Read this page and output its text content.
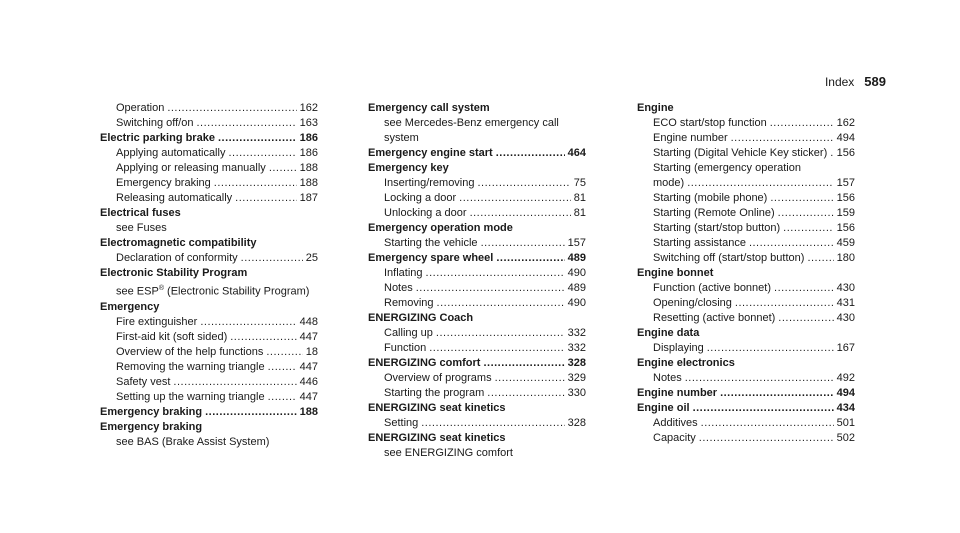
Index 589
Operation .....	162
Switching off/on .....	163
Electric parking brake .....	186
Applying automatically .....	186
Applying or releasing manually .....	188
Emergency braking .....	188
Releasing automatically .....	187
Electrical fuses
see Fuses
Electromagnetic compatibility
Declaration of conformity .....	25
Electronic Stability Program
see ESP® (Electronic Stability Program)
Emergency
Fire extinguisher .....	448
First-aid kit (soft sided) .....	447
Overview of the help functions .....	18
Removing the warning triangle .....	447
Safety vest .....	446
Setting up the warning triangle .....	447
Emergency braking .....	188
Emergency braking
see BAS (Brake Assist System)
Emergency call system
see Mercedes-Benz emergency call system
Emergency engine start .....	464
Emergency key
Inserting/removing .....	75
Locking a door .....	81
Unlocking a door .....	81
Emergency operation mode
Starting the vehicle .....	157
Emergency spare wheel .....	489
Inflating .....	490
Notes .....	489
Removing .....	490
ENERGIZING Coach
Calling up .....	332
Function .....	332
ENERGIZING comfort .....	328
Overview of programs .....	329
Starting the program .....	330
ENERGIZING seat kinetics
Setting .....	328
ENERGIZING seat kinetics
see ENERGIZING comfort
Engine
ECO start/stop function .....	162
Engine number .....	494
Starting (Digital Vehicle Key sticker) ..... 156
Starting (emergency operation
mode) .....	157
Starting (mobile phone) .....	156
Starting (Remote Online) .....	159
Starting (start/stop button) .....	156
Starting assistance .....	459
Switching off (start/stop button) .....	180
Engine bonnet
Function (active bonnet) .....	430
Opening/closing .....	431
Resetting (active bonnet) .....	430
Engine data
Displaying .....	167
Engine electronics
Notes .....	492
Engine number .....	494
Engine oil .....	434
Additives .....	501
Capacity .....	502
